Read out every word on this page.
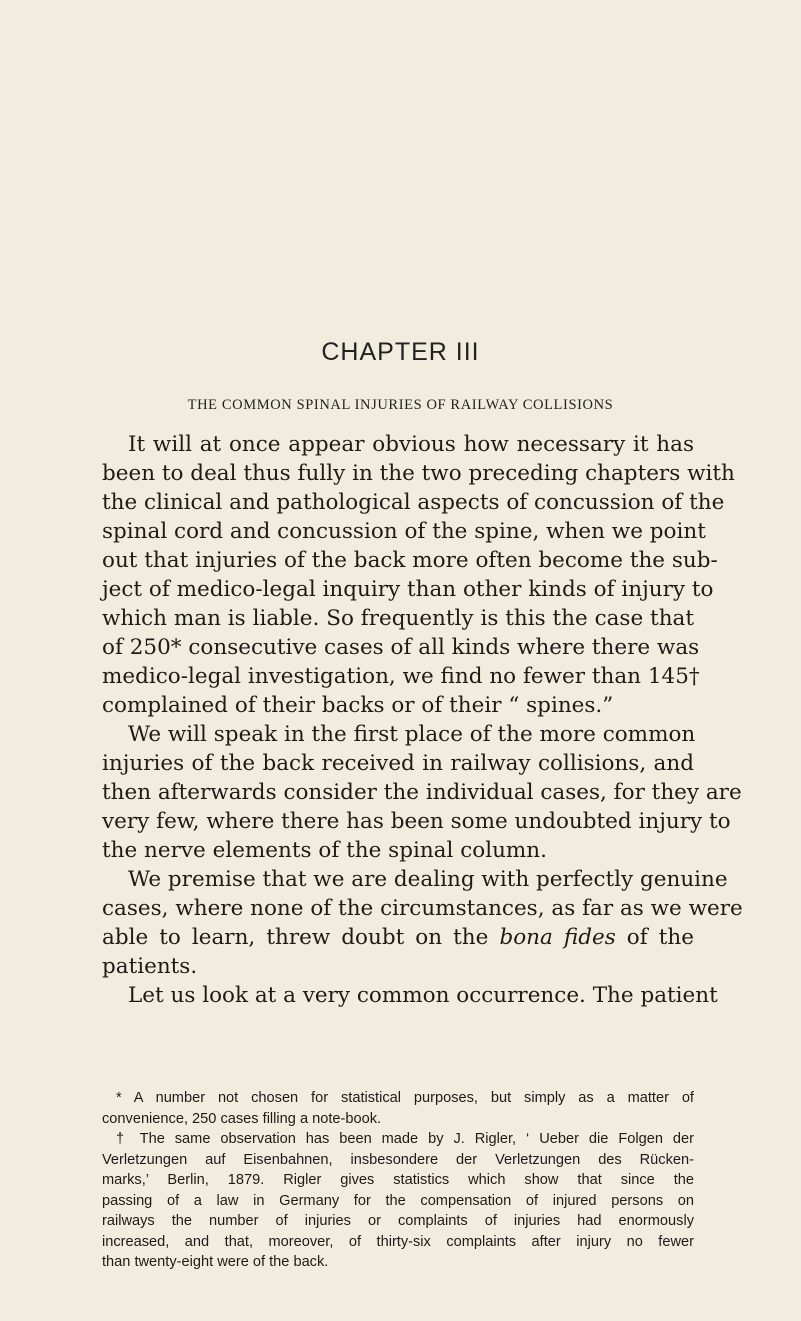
CHAPTER III
THE COMMON SPINAL INJURIES OF RAILWAY COLLISIONS
It will at once appear obvious how necessary it has
been to deal thus fully in the two preceding chapters with
the clinical and pathological aspects of concussion of the
spinal cord and concussion of the spine, when we point
out that injuries of the back more often become the sub-
ject of medico-legal inquiry than other kinds of injury to
which man is liable. So frequently is this the case that
of 250* consecutive cases of all kinds where there was
medico-legal investigation, we find no fewer than 145†
complained of their backs or of their “ spines.”
We will speak in the first place of the more common
injuries of the back received in railway collisions, and
then afterwards consider the individual cases, for they are
very few, where there has been some undoubted injury to
the nerve elements of the spinal column.
We premise that we are dealing with perfectly genuine
cases, where none of the circumstances, as far as we were
able to learn, threw doubt on the bona fides of the
patients.
Let us look at a very common occurrence. The patient
* A number not chosen for statistical purposes, but simply as a matter of
convenience, 250 cases filling a note-book.
† The same observation has been made by J. Rigler, ‘ Ueber die Folgen der
Verletzungen auf Eisenbahnen, insbesondere der Verletzungen des Rücken-
marks,’ Berlin, 1879. Rigler gives statistics which show that since the
passing of a law in Germany for the compensation of injured persons on
railways the number of injuries or complaints of injuries had enormously
increased, and that, moreover, of thirty-six complaints after injury no fewer
than twenty-eight were of the back.
